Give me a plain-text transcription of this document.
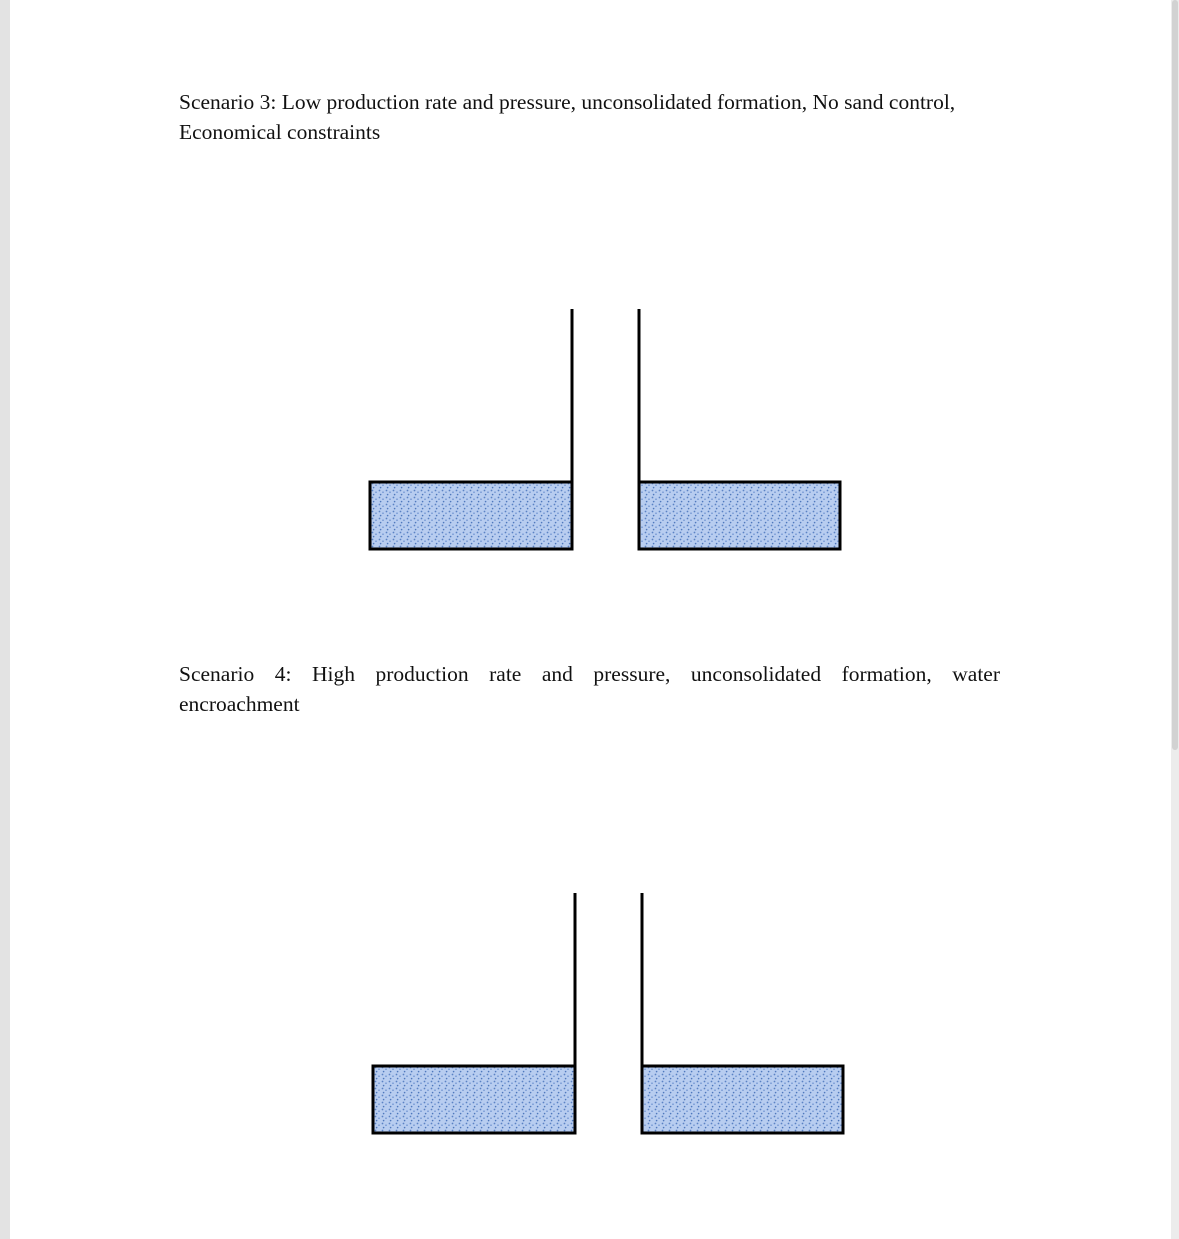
Scenario 3: Low production rate and pressure, unconsolidated formation, No sand control,
Economical constraints

Scenario 4: High production rate and pressure, unconsolidated formation, water
encroachment
